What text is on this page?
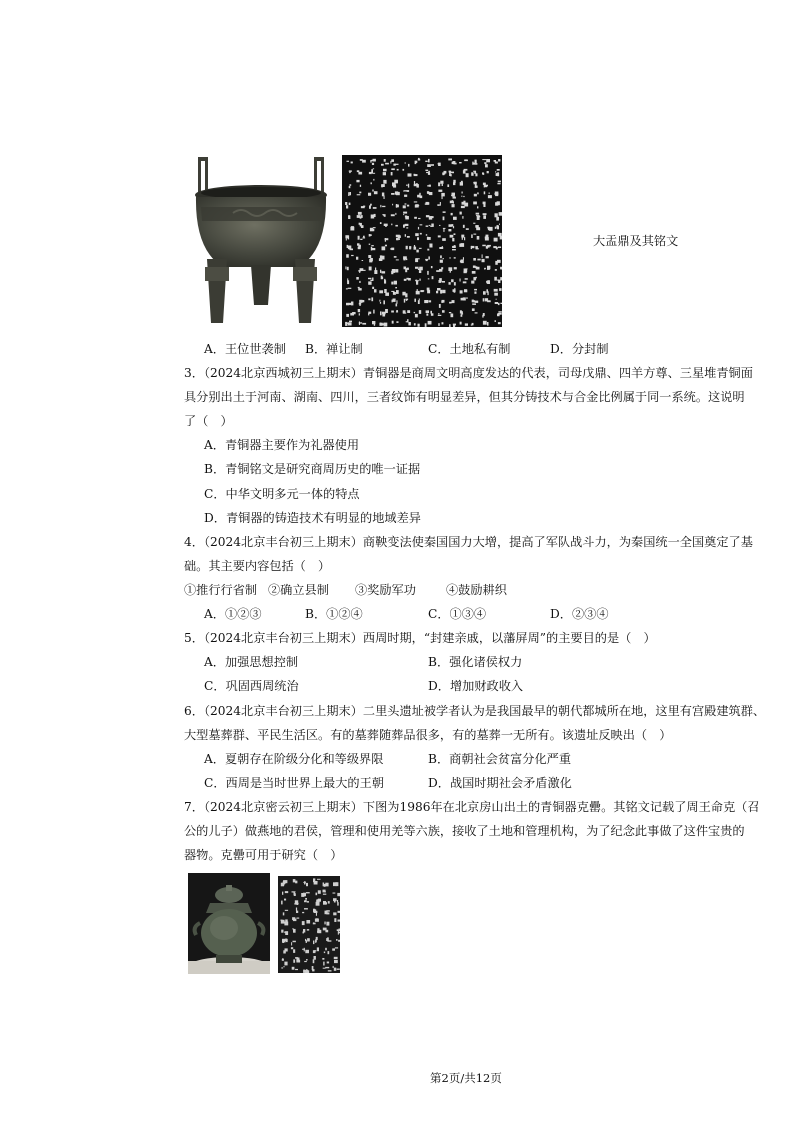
大盂鼎及其铭文
A．王位世袭制 B．禅让制	C．土地私有制	D．分封制
3．（2024北京西城初三上期末）青铜器是商周文明高度发达的代表，司母戊鼎、四羊方尊、三星堆青铜面
具分别出土于河南、湖南、四川，三者纹饰有明显差异，但其分铸技术与合金比例属于同一系统。这说明
了（　）
A．青铜器主要作为礼器使用
B．青铜铭文是研究商周历史的唯一证据
C．中华文明多元一体的特点
D．青铜器的铸造技术有明显的地域差异
4．（2024北京丰台初三上期末）商鞅变法使秦国国力大增，提高了军队战斗力，为秦国统一全国奠定了基
础。其主要内容包括（　）
①推行行省制 ②确立县制 ③奖励军功 ④鼓励耕织
A．①②③	B．①②④	C．①③④	D．②③④
5．（2024北京丰台初三上期末）西周时期，“封建亲戚，以藩屏周”的主要目的是（　）
A．加强思想控制	B．强化诸侯权力
C．巩固西周统治	D．增加财政收入
6．（2024北京丰台初三上期末）二里头遗址被学者认为是我国最早的朝代都城所在地，这里有宫殿建筑群、
大型墓葬群、平民生活区。有的墓葬随葬品很多，有的墓葬一无所有。该遗址反映出（　）
A．夏朝存在阶级分化和等级界限	B．商朝社会贫富分化严重
C．西周是当时世界上最大的王朝	D．战国时期社会矛盾激化
7．（2024北京密云初三上期末）下图为1986年在北京房山出土的青铜器克罍。其铭文记载了周王命克（召
公的儿子）做燕地的君侯，管理和使用羌等六族，接收了土地和管理机构，为了纪念此事做了这件宝贵的
器物。克罍可用于研究（　）
第2页/共12页
